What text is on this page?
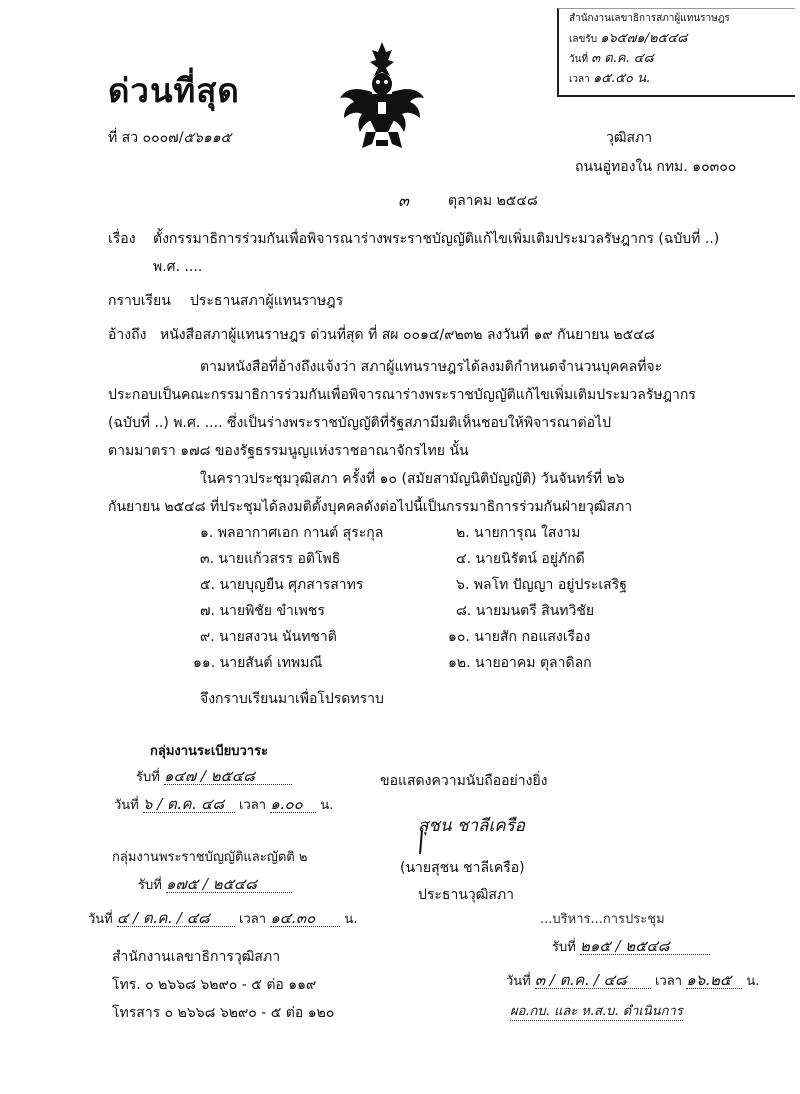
สำนักงานเลขาธิการสภาผู้แทนราษฎร
เลขรับ ๑๖๕๗๑/๒๕๔๘
วันที่ ๓ ต.ค. ๔๘
เวลา ๑๕.๕๐ น.
ด่วนที่สุด
ที่ สว ๐๐๐๗/๕๖๑๑๕	วุฒิสภา
ถนนอู่ทองใน กทม. ๑๐๓๐๐
๓	ตุลาคม ๒๕๔๘
เรื่อง ตั้งกรรมาธิการร่วมกันเพื่อพิจารณาร่างพระราชบัญญัติแก้ไขเพิ่มเติมประมวลรัษฎากร (ฉบับที่ ..)
พ.ศ. ....
กราบเรียน ประธานสภาผู้แทนราษฎร
อ้างถึง หนังสือสภาผู้แทนราษฎร ด่วนที่สุด ที่ สผ ๐๐๑๔/๙๒๓๒ ลงวันที่ ๑๙ กันยายน ๒๕๔๘
ตามหนังสือที่อ้างถึงแจ้งว่า สภาผู้แทนราษฎรได้ลงมติกำหนดจำนวนบุคคลที่จะ
ประกอบเป็นคณะกรรมาธิการร่วมกันเพื่อพิจารณาร่างพระราชบัญญัติแก้ไขเพิ่มเติมประมวลรัษฎากร
(ฉบับที่ ..) พ.ศ. .... ซึ่งเป็นร่างพระราชบัญญัติที่รัฐสภามีมติเห็นชอบให้พิจารณาต่อไป
ตามมาตรา ๑๗๘ ของรัฐธรรมนูญแห่งราชอาณาจักรไทย นั้น
ในคราวประชุมวุฒิสภา ครั้งที่ ๑๐ (สมัยสามัญนิติบัญญัติ) วันจันทร์ที่ ๒๖
กันยายน ๒๕๔๘ ที่ประชุมได้ลงมติตั้งบุคคลดังต่อไปนี้เป็นกรรมาธิการร่วมกันฝ่ายวุฒิสภา
๑. พลอากาศเอก กานต์ สุระกุล	๒. นายการุณ ใสงาม
๓. นายแก้วสรร อติโพธิ	๔. นายนิรัตน์ อยู่ภักดี
๕. นายบุญยืน ศุภสารสาทร	๖. พลโท ปัญญา อยู่ประเสริฐ
๗. นายพิชัย ขำเพชร	๘. นายมนตรี สินทวิชัย
๙. นายสงวน นันทชาติ	๑๐. นายสัก กอแสงเรือง
๑๑. นายสันต์ เทพมณี	๑๒. นายอาคม ตุลาดิลก
จึงกราบเรียนมาเพื่อโปรดทราบ
กลุ่มงานระเบียบวาระ
รับที่ ๑๔๗ / ๒๕๔๘
วันที่ ๖ / ต.ค. ๔๘ เวลา ๑.๐๐ น.
กลุ่มงานพระราชบัญญัติและญัตติ ๒
รับที่ ๑๗๕ / ๒๕๔๘
วันที่ ๔ / ต.ค. / ๔๘ เวลา ๑๔.๓๐ น.
ขอแสดงความนับถืออย่างยิ่ง
สุชน ชาลีเครือ
(นายสุชน ชาลีเครือ)
ประธานวุฒิสภา
...บริหาร...การประชุม
รับที่ ๒๑๕ / ๒๕๔๘
วันที่ ๓ / ต.ค. / ๔๘ เวลา ๑๖.๒๕ น.
ผอ.กบ. และ ห.ส.บ. ดำเนินการ
สำนักงานเลขาธิการวุฒิสภา
โทร. ๐ ๒๖๖๘ ๖๒๙๐ - ๕ ต่อ ๑๑๙
โทรสาร ๐ ๒๖๖๘ ๖๒๙๐ - ๕ ต่อ ๑๒๐
